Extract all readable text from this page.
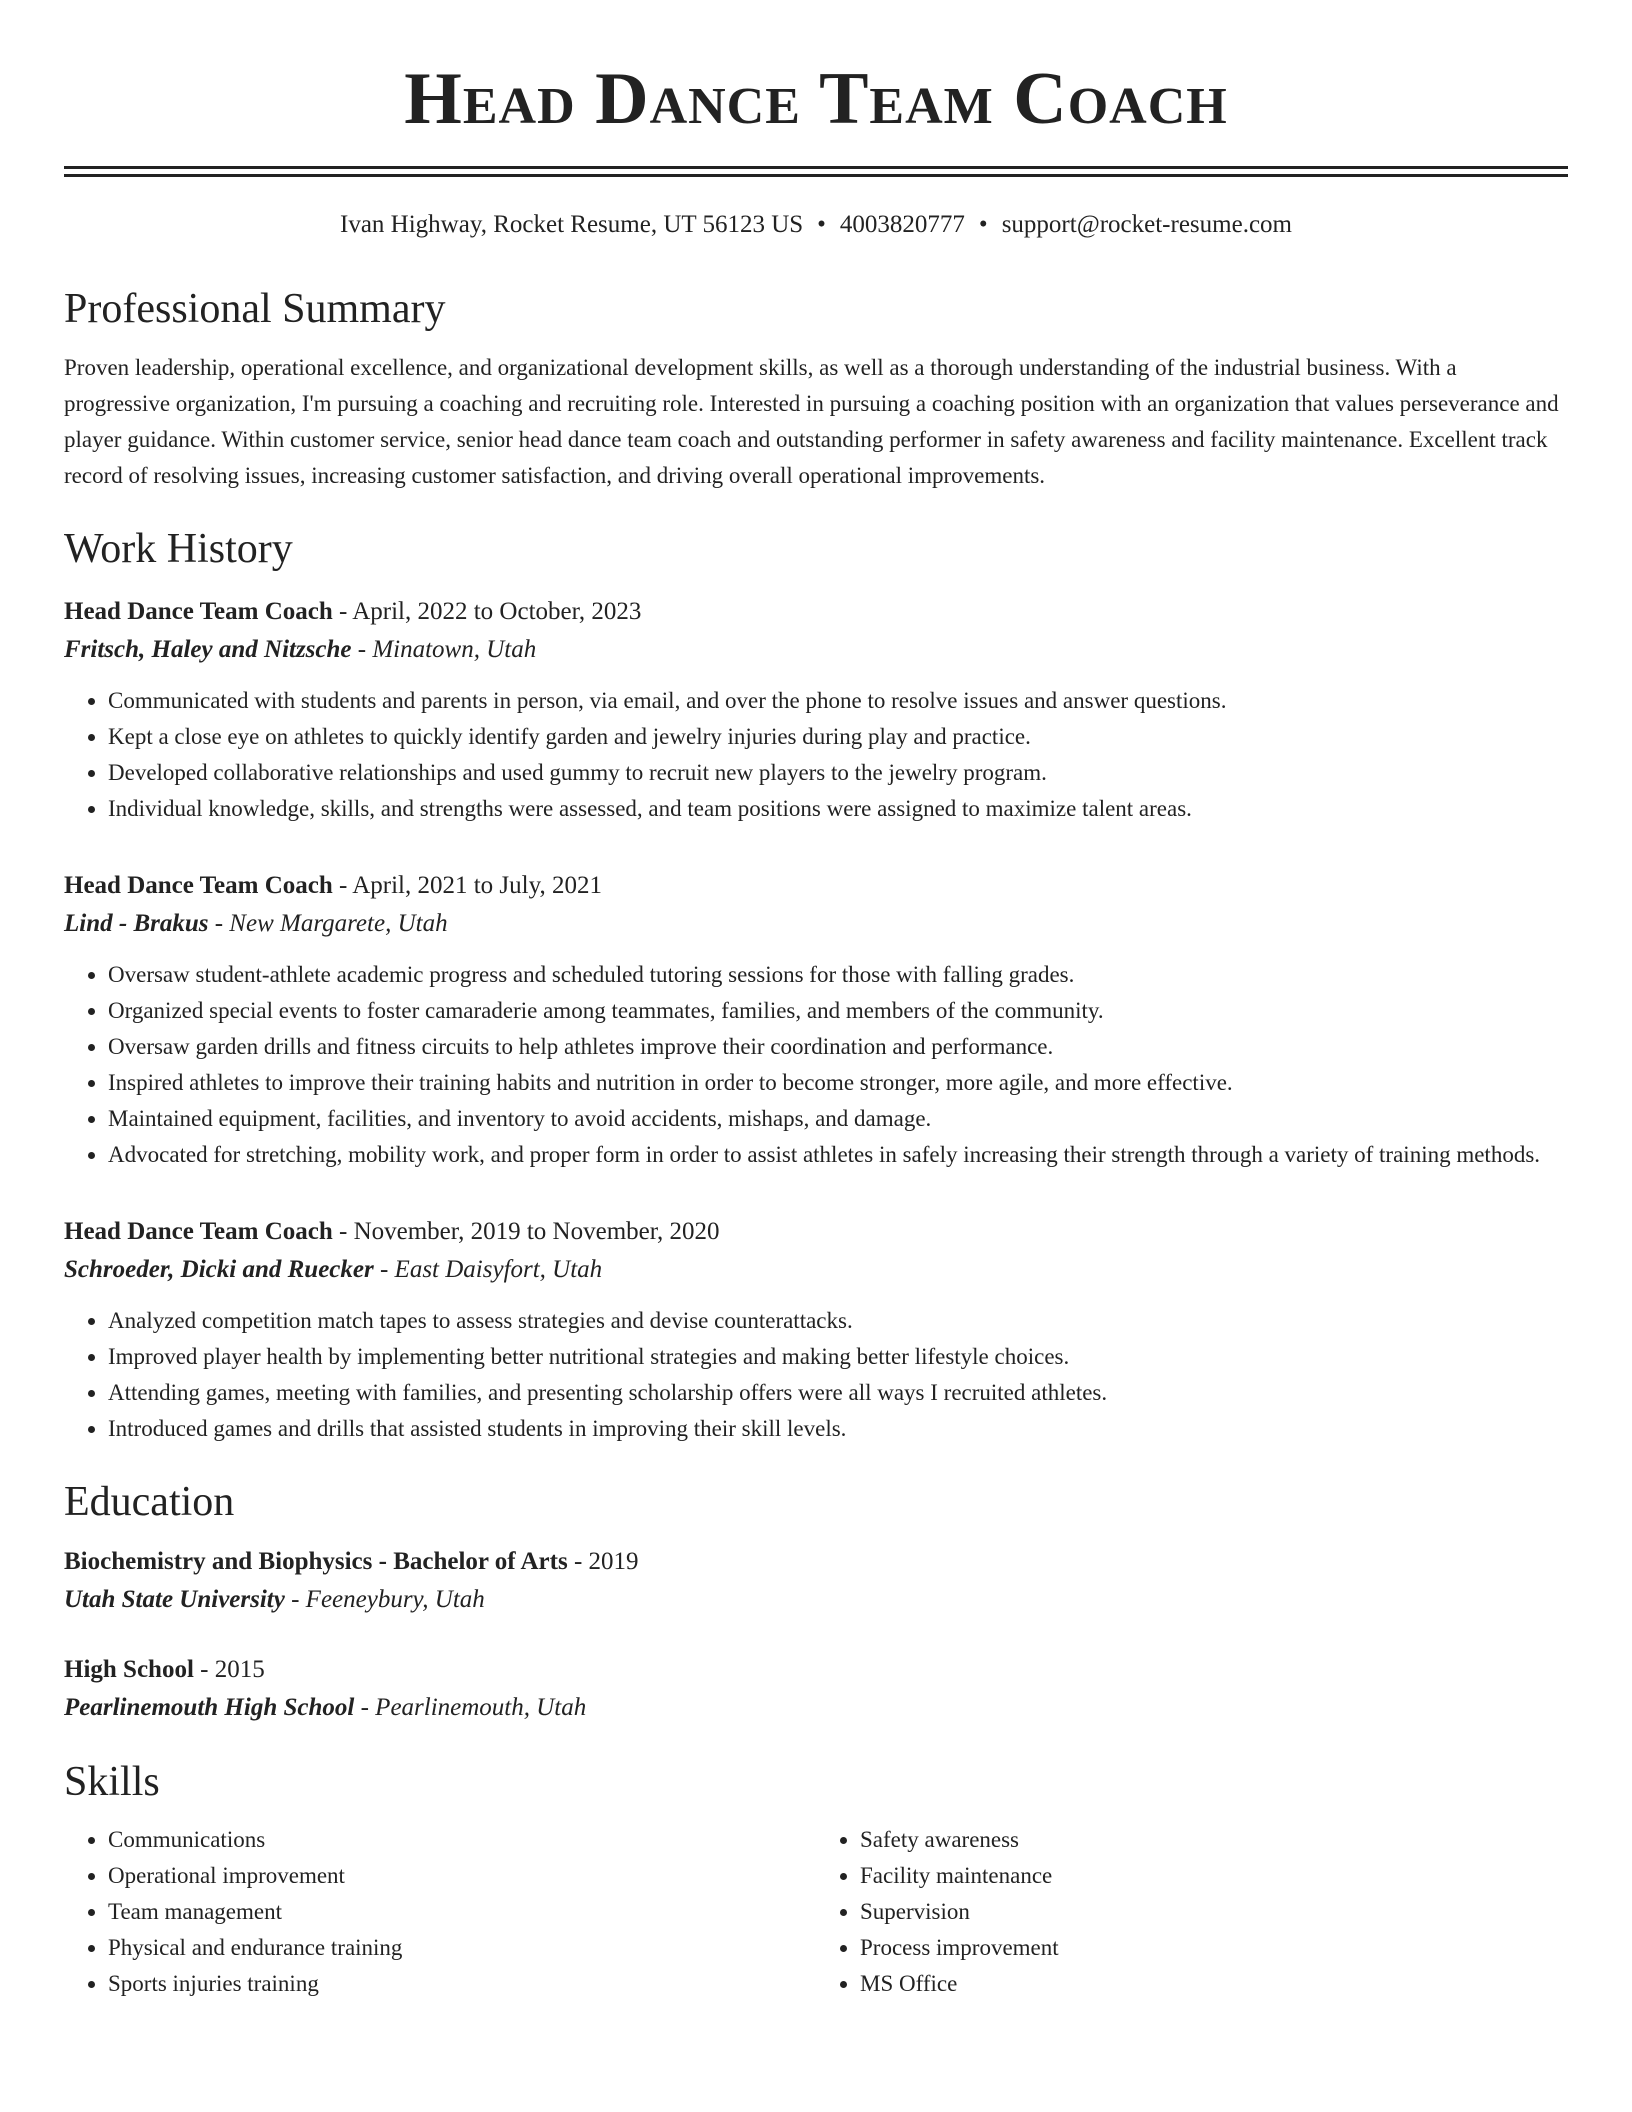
Head Dance Team Coach
Ivan Highway, Rocket Resume, UT 56123 US • 4003820777 • support@rocket-resume.com
Professional Summary

Proven leadership, operational excellence, and organizational development skills, as well as a thorough understanding of the industrial business. With a progressive organization, I'm pursuing a coaching and recruiting role. Interested in pursuing a coaching position with an organization that values perseverance and player guidance. Within customer service, senior head dance team coach and outstanding performer in safety awareness and facility maintenance. Excellent track record of resolving issues, increasing customer satisfaction, and driving overall operational improvements.

Work History
Head Dance Team Coach - April, 2022 to October, 2023
Fritsch, Haley and Nitzsche - Minatown, Utah
• Communicated with students and parents in person, via email, and over the phone to resolve issues and answer questions.
• Kept a close eye on athletes to quickly identify garden and jewelry injuries during play and practice.
• Developed collaborative relationships and used gummy to recruit new players to the jewelry program.
• Individual knowledge, skills, and strengths were assessed, and team positions were assigned to maximize talent areas.
Head Dance Team Coach - April, 2021 to July, 2021
Lind - Brakus - New Margarete, Utah
• Oversaw student-athlete academic progress and scheduled tutoring sessions for those with falling grades.
• Organized special events to foster camaraderie among teammates, families, and members of the community.
• Oversaw garden drills and fitness circuits to help athletes improve their coordination and performance.
• Inspired athletes to improve their training habits and nutrition in order to become stronger, more agile, and more effective.
• Maintained equipment, facilities, and inventory to avoid accidents, mishaps, and damage.
• Advocated for stretching, mobility work, and proper form in order to assist athletes in safely increasing their strength through a variety of training methods.
Head Dance Team Coach - November, 2019 to November, 2020
Schroeder, Dicki and Ruecker - East Daisyfort, Utah
• Analyzed competition match tapes to assess strategies and devise counterattacks.
• Improved player health by implementing better nutritional strategies and making better lifestyle choices.
• Attending games, meeting with families, and presenting scholarship offers were all ways I recruited athletes.
• Introduced games and drills that assisted students in improving their skill levels.
Education
Biochemistry and Biophysics - Bachelor of Arts - 2019
Utah State University - Feeneybury, Utah
High School - 2015
Pearlinemouth High School - Pearlinemouth, Utah
Skills
• Communications
• Operational improvement
• Team management
• Physical and endurance training
• Sports injuries training
• Safety awareness
• Facility maintenance
• Supervision
• Process improvement
• MS Office
